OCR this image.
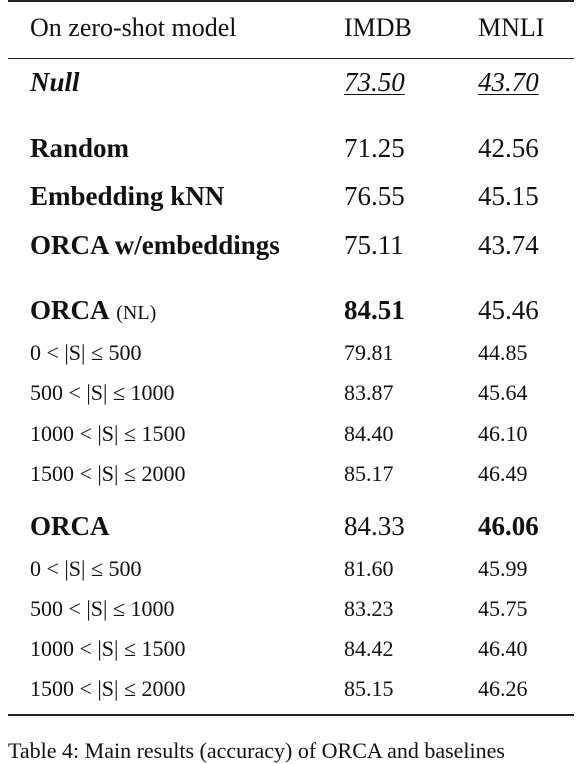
On zero-shot model	IMDB	MNLI
Null	73.50	43.70
Random	71.25	42.56
Embedding kNN	76.55	45.15
ORCA w/embeddings 75.11	43.74
ORCA (NL)	84.51	45.46
0 < |S| ≤ 500	79.81	44.85
500 < |S| ≤ 1000	83.87	45.64
1000 < |S| ≤ 1500	84.40	46.10
1500 < |S| ≤ 2000	85.17	46.49
ORCA	84.33	46.06
0 < |S| ≤ 500	81.60	45.99
500 < |S| ≤ 1000	83.23	45.75
1000 < |S| ≤ 1500	84.42	46.40
1500 < |S| ≤ 2000	85.15	46.26
Table 4: Main results (accuracy) of ORCA and baselines
